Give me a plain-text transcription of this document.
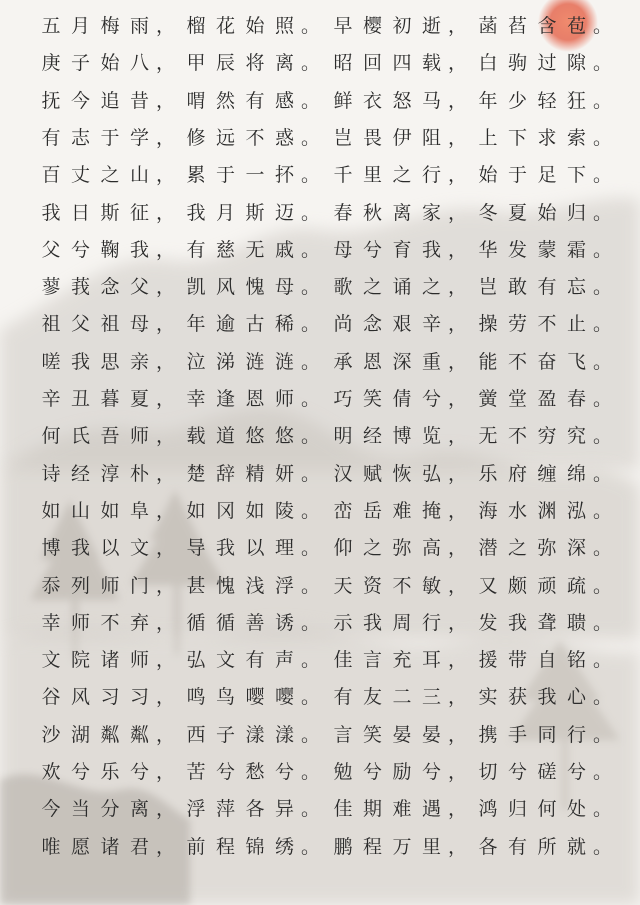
五 月 梅 雨 ， 榴 花 始 照 。 早 樱 初 逝 ， 菡 萏 含 苞 。
庚 子 始 八 ， 甲 辰 将 离 。 昭 回 四 载 ， 白 驹 过 隙 。
抚 今 追 昔 ， 喟 然 有 感 。 鲜 衣 怒 马 ， 年 少 轻 狂 。
有 志 于 学 ， 修 远 不 惑 。 岂 畏 伊 阻 ， 上 下 求 索 。
百 丈 之 山 ， 累 于 一 抔 。 千 里 之 行 ， 始 于 足 下 。
我 日 斯 征 ， 我 月 斯 迈 。 春 秋 离 家 ， 冬 夏 始 归 。
父 兮 鞠 我 ， 有 慈 无 戚 。 母 兮 育 我 ， 华 发 蒙 霜 。
蓼 莪 念 父 ， 凯 风 愧 母 。 歌 之 诵 之 ， 岂 敢 有 忘 。
祖 父 祖 母 ， 年 逾 古 稀 。 尚 念 艰 辛 ， 操 劳 不 止 。
嗟 我 思 亲 ， 泣 涕 涟 涟 。 承 恩 深 重 ， 能 不 奋 飞 。
辛 丑 暮 夏 ， 幸 逢 恩 师 。 巧 笑 倩 兮 ， 黉 堂 盈 春 。
何 氏 吾 师 ， 载 道 悠 悠 。 明 经 博 览 ， 无 不 穷 究 。
诗 经 淳 朴 ， 楚 辞 精 妍 。 汉 赋 恢 弘 ， 乐 府 缠 绵 。
如 山 如 阜 ， 如 冈 如 陵 。 峦 岳 难 掩 ， 海 水 渊 泓 。
博 我 以 文 ， 导 我 以 理 。 仰 之 弥 高 ， 潜 之 弥 深 。
忝 列 师 门 ， 甚 愧 浅 浮 。 天 资 不 敏 ， 又 颇 顽 疏 。
幸 师 不 弃 ， 循 循 善 诱 。 示 我 周 行 ， 发 我 聋 聩 。
文 院 诸 师 ， 弘 文 有 声 。 佳 言 充 耳 ， 援 带 自 铭 。
谷 风 习 习 ， 鸣 鸟 嘤 嘤 。 有 友 二 三 ， 实 获 我 心 。
沙 湖 粼 粼 ， 西 子 漾 漾 。 言 笑 晏 晏 ， 携 手 同 行 。
欢 兮 乐 兮 ， 苦 兮 愁 兮 。 勉 兮 励 兮 ， 切 兮 磋 兮 。
今 当 分 离 ， 浮 萍 各 异 。 佳 期 难 遇 ， 鸿 归 何 处 。
唯 愿 诸 君 ， 前 程 锦 绣 。 鹏 程 万 里 ， 各 有 所 就 。
